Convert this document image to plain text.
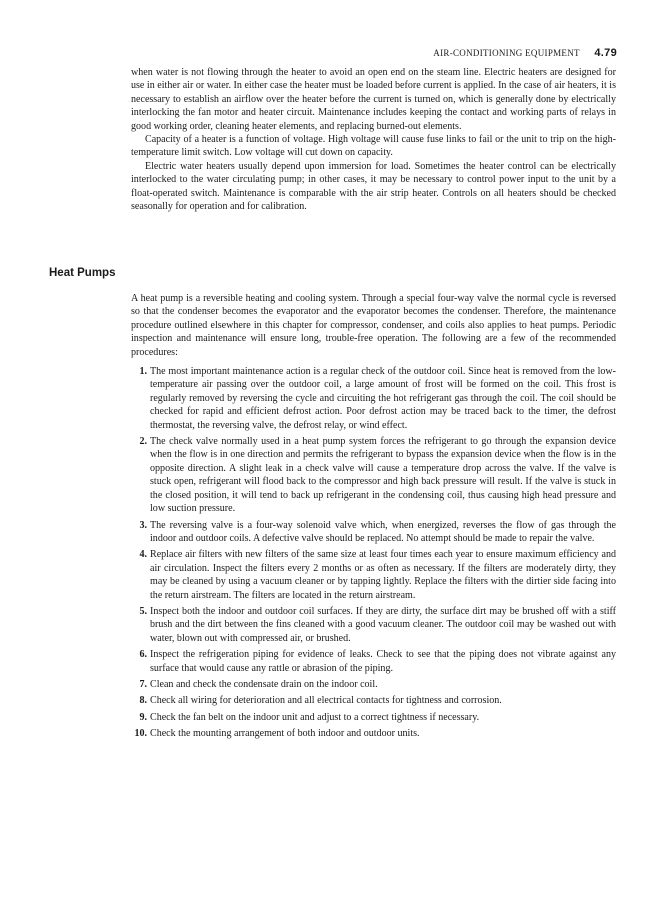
AIR-CONDITIONING EQUIPMENT 4.79

when water is not flowing through the heater to avoid an open end on the steam line. Electric heaters are designed for use in either air or water. In either case the heater must be loaded before current is applied. In the case of air heaters, it is necessary to establish an airflow over the heater before the current is turned on, which is generally done by electrically interlocking the fan motor and heater circuit. Maintenance includes keeping the contact and working parts of relays in good working order, cleaning heater elements, and replacing burned-out elements.

Capacity of a heater is a function of voltage. High voltage will cause fuse links to fail or the unit to trip on the high-temperature limit switch. Low voltage will cut down on capacity.

Electric water heaters usually depend upon immersion for load. Sometimes the heater control can be electrically interlocked to the water circulating pump; in other cases, it may be necessary to control power input to the unit by a float-operated switch. Maintenance is comparable with the air strip heater. Controls on all heaters should be checked seasonally for operation and for calibration.

Heat Pumps

A heat pump is a reversible heating and cooling system. Through a special four-way valve the normal cycle is reversed so that the condenser becomes the evaporator and the evaporator becomes the condenser. Therefore, the maintenance procedure outlined elsewhere in this chapter for compressor, condenser, and coils also applies to heat pumps. Periodic inspection and maintenance will ensure long, trouble-free operation. The following are a few of the recommended procedures:

1. The most important maintenance action is a regular check of the outdoor coil. Since heat is removed from the low-temperature air passing over the outdoor coil, a large amount of frost will be formed on the coil. This frost is regularly removed by reversing the cycle and circuiting the hot refrigerant gas through the coil. The coil should be checked for rapid and efficient defrost action. Poor defrost action may be traced back to the timer, the defrost thermostat, the reversing valve, the defrost relay, or wind effect.
2. The check valve normally used in a heat pump system forces the refrigerant to go through the expansion device when the flow is in one direction and permits the refrigerant to bypass the expansion device when the flow is in the opposite direction. A slight leak in a check valve will cause a temperature drop across the valve. If the valve is stuck open, refrigerant will flood back to the compressor and high back pressure will result. If the valve is stuck in the closed position, it will tend to back up refrigerant in the condensing coil, thus causing high head pressure and low suction pressure.
3. The reversing valve is a four-way solenoid valve which, when energized, reverses the flow of gas through the indoor and outdoor coils. A defective valve should be replaced. No attempt should be made to repair the valve.
4. Replace air filters with new filters of the same size at least four times each year to ensure maximum efficiency and air circulation. Inspect the filters every 2 months or as often as necessary. If the filters are moderately dirty, they may be cleaned by using a vacuum cleaner or by tapping lightly. Replace the filters with the dirtier side facing into the return airstream. The filters are located in the return airstream.
5. Inspect both the indoor and outdoor coil surfaces. If they are dirty, the surface dirt may be brushed off with a stiff brush and the dirt between the fins cleaned with a good vacuum cleaner. The outdoor coil may be washed out with water, blown out with compressed air, or brushed.
6. Inspect the refrigeration piping for evidence of leaks. Check to see that the piping does not vibrate against any surface that would cause any rattle or abrasion of the piping.
7. Clean and check the condensate drain on the indoor coil.
8. Check all wiring for deterioration and all electrical contacts for tightness and corrosion.
9. Check the fan belt on the indoor unit and adjust to a correct tightness if necessary.
10. Check the mounting arrangement of both indoor and outdoor units.
